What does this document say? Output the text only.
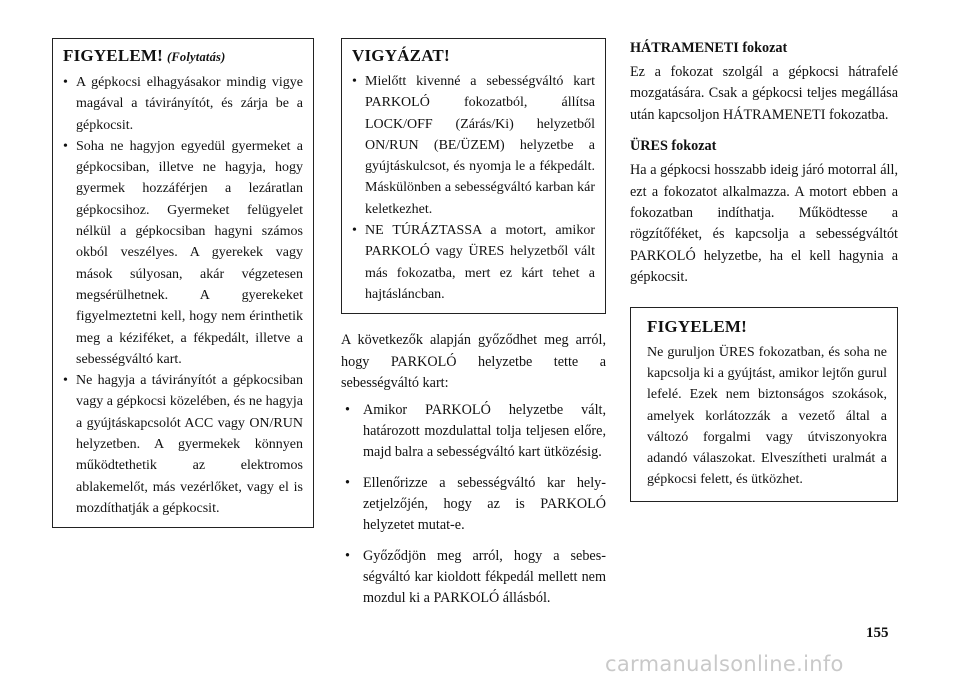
FIGYELEM! (Folytatás)
• A gépkocsi elhagyásakor mindig vigye magával a távirányítót, és zárja be a gépkocsit.
• Soha ne hagyjon egyedül gyermeket a gépkocsiban, illetve ne hagyja, hogy gyermek hozzáférjen a lezáratlan gépkocsihoz. Gyermeket felügyelet nélkül a gépkocsiban hagyni számos okból veszélyes. A gyerekek vagy mások súlyosan, akár végzetesen megsérülhetnek. A gyerekeket figyelmeztetni kell, hogy nem érinthetik meg a kéziféket, a fékpedált, illetve a sebességváltó kart.
• Ne hagyja a távirányítót a gépkocsiban vagy a gépkocsi közelében, és ne hagyja a gyújtáskapcsolót ACC vagy ON/RUN helyzetben. A gyermekek könnyen működtethetik az elektromos ablakemelőt, más vezérlőket, vagy el is mozdíthatják a gépkocsit.
VIGYÁZAT!
• Mielőtt kivenné a sebességváltó kart PARKOLÓ fokozatból, állítsa LOCK/OFF (Zárás/Ki) helyzetből ON/RUN (BE/ÜZEM) helyzetbe a gyújtáskulcsot, és nyomja le a fékpedált. Máskülönben a sebességváltó karban kár keletkezhet.
• NE TÚRÁZTASSA a motort, amikor PARKOLÓ vagy ÜRES helyzetből vált más fokozatba, mert ez kárt tehet a hajtásláncban.

A következők alapján győződhet meg arról, hogy PARKOLÓ helyzetbe tette a sebességváltó kart:

• Amikor PARKOLÓ helyzetbe vált, határozott mozdulattal tolja teljesen előre, majd balra a sebességváltó kart ütközésig.
• Ellenőrizze a sebességváltó kar helyzetjelzőjén, hogy az is PARKOLÓ helyzetet mutat-e.
• Győződjön meg arról, hogy a sebességváltó kar kioldott fékpedál mellett nem mozdul ki a PARKOLÓ állásból.

HÁTRAMENETI fokozat

Ez a fokozat szolgál a gépkocsi hátrafelé mozgatására. Csak a gépkocsi teljes megállása után kapcsoljon HÁTRAMENETI fokozatba.

ÜRES fokozat

Ha a gépkocsi hosszabb ideig járó motorral áll, ezt a fokozatot alkalmazza. A motort ebben a fokozatban indíthatja. Működtesse a rögzítőféket, és kapcsolja a sebességváltót PARKOLÓ helyzetbe, ha el kell hagynia a gépkocsit.

FIGYELEM!

Ne guruljon ÜRES fokozatban, és soha ne kapcsolja ki a gyújtást, amikor lejtőn gurul lefelé. Ezek nem biztonságos szokások, amelyek korlátozzák a vezető által a változó forgalmi vagy útviszonyokra adandó válaszokat. Elveszítheti uralmát a gépkocsi felett, és ütközhet.

155
carmanualsonline.info
